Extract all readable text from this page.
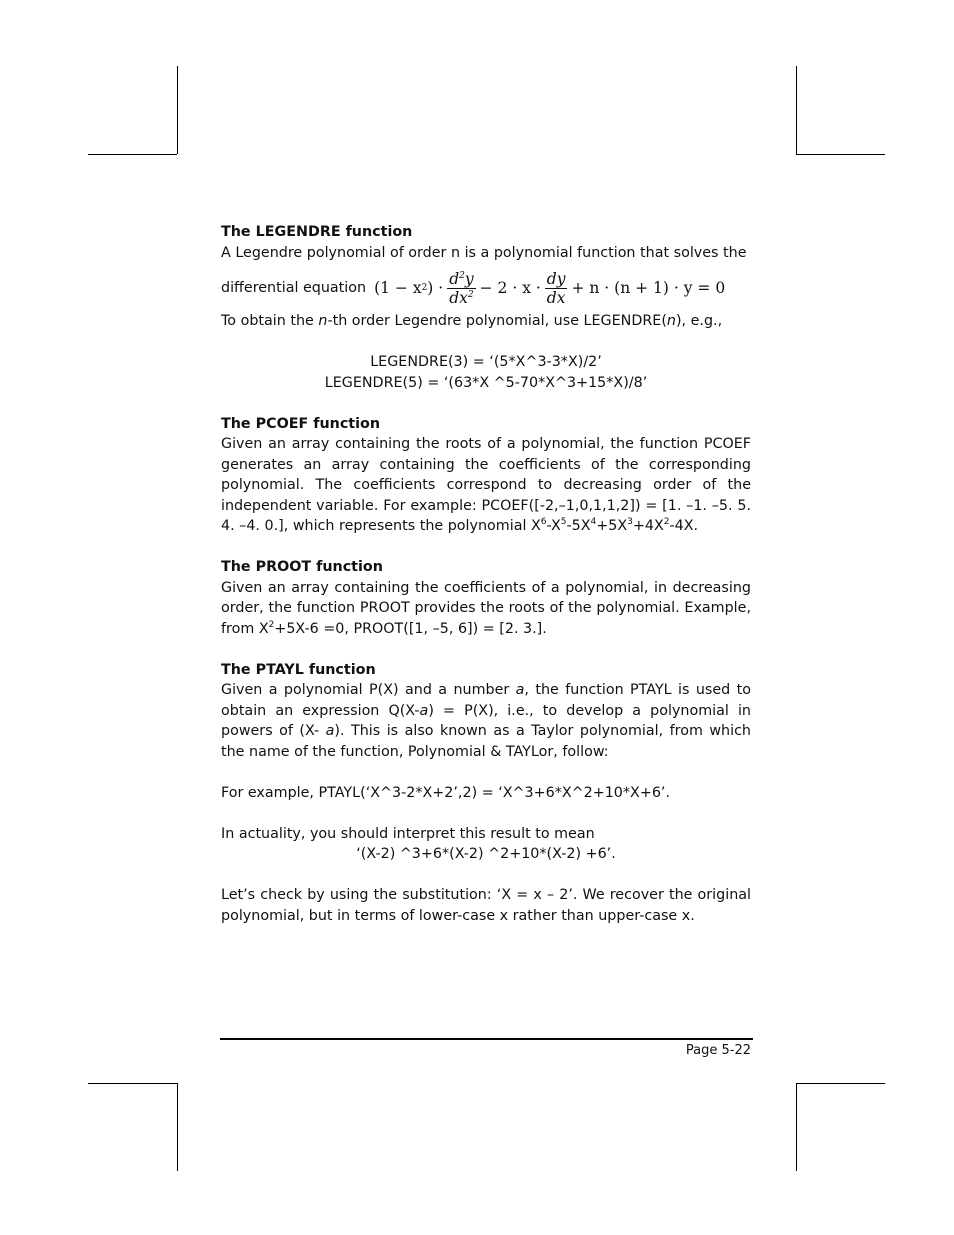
The LEGENDRE function

A Legendre polynomial of order n is a polynomial function that solves the

differential equation (1 − x 2 ) · $\frac{d^2y}{dx^2} - 2 \cdot x \cdot \frac{dy}{dx} + n \cdot (n + 1) \cdot y = 0$

To obtain the n-th order Legendre polynomial, use LEGENDRE(n), e.g.,

LEGENDRE(3) = ‘(5*X^3-3*X)/2’

LEGENDRE(5) = ‘(63*X ^5-70*X^3+15*X)/8’

The PCOEF function

Given an array containing the roots of a polynomial, the function PCOEF generates an array containing the coefficients of the corresponding polynomial. The coefficients correspond to decreasing order of the independent variable. For example: PCOEF([-2,–1,0,1,1,2]) = [1. –1. –5. 5. 4. –4. 0.], which represents the polynomial $X^6-X^5-5X^4+5X^3+4X^2-4X$.

The PROOT function

Given an array containing the coefficients of a polynomial, in decreasing order, the function PROOT provides the roots of the polynomial. Example, from $X^2+5X-6 =0$, PROOT([1, –5, 6]) = [2. 3.].

The PTAYL function

Given a polynomial P(X) and a number a, the function PTAYL is used to obtain an expression Q(X-a) = P(X), i.e., to develop a polynomial in powers of (X- a). This is also known as a Taylor polynomial, from which the name of the function, Polynomial & TAYLor, follow:

For example, PTAYL(‘X^3-2*X+2’,2) = ‘X^3+6*X^2+10*X+6’.

In actuality, you should interpret this result to mean

‘(X-2) ^3+6*(X-2) ^2+10*(X-2) +6’.

Let’s check by using the substitution: ‘X = x – 2’. We recover the original polynomial, but in terms of lower-case x rather than upper-case x.

Page 5-22
